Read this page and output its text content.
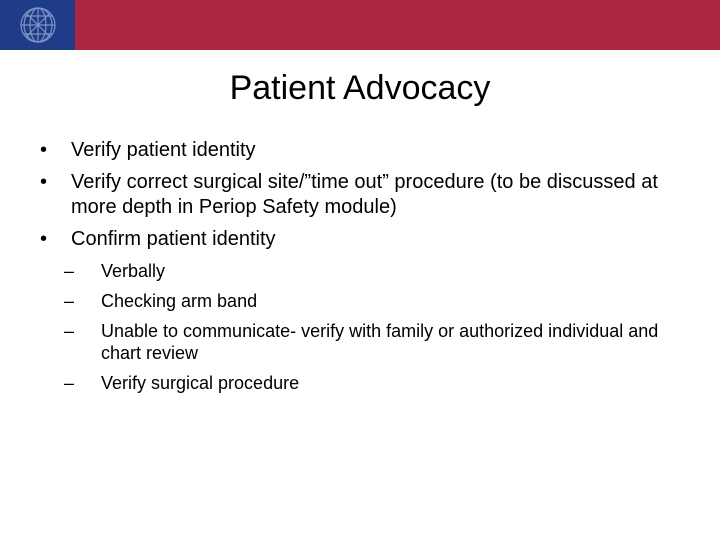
Patient Advocacy
• Verify patient identity
• Verify correct surgical site/”time out” procedure (to be discussed at more depth in Periop Safety module)
• Confirm patient identity
– Verbally
– Checking arm band
– Unable to communicate- verify with family or authorized individual and chart review
– Verify surgical procedure
